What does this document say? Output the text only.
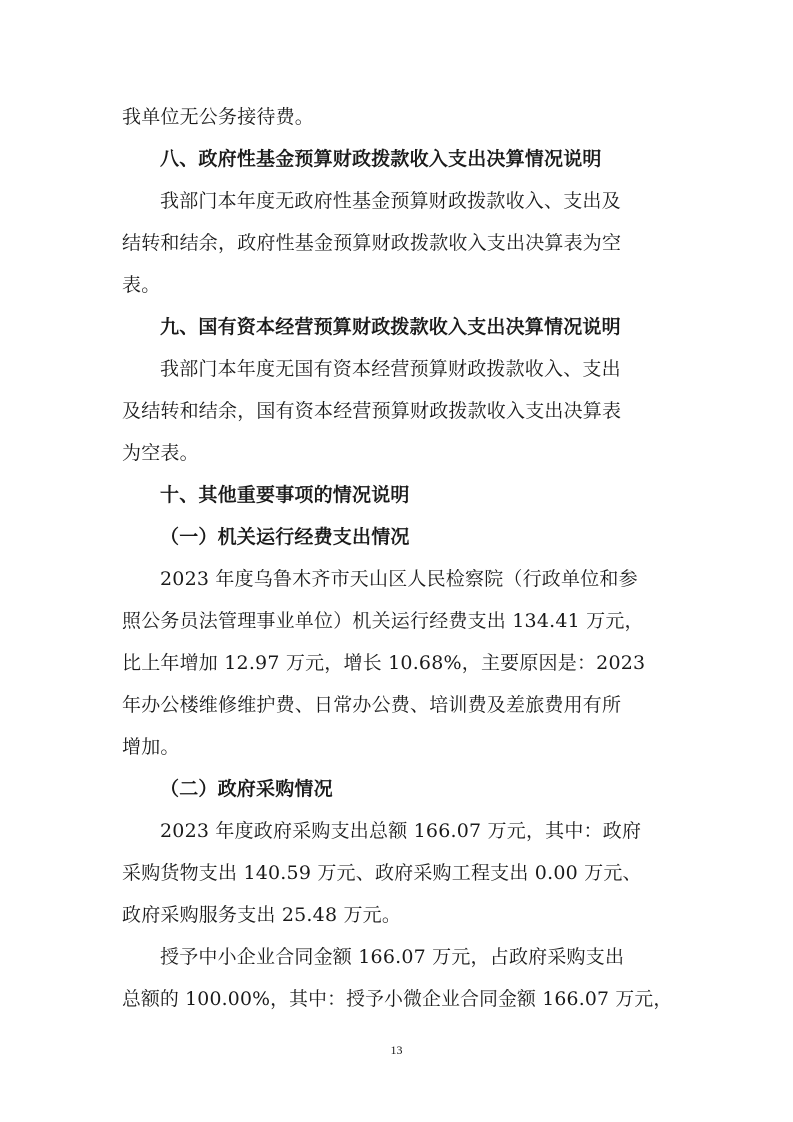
我单位无公务接待费。
八、政府性基金预算财政拨款收入支出决算情况说明
我部门本年度无政府性基金预算财政拨款收入、支出及
结转和结余，政府性基金预算财政拨款收入支出决算表为空
表。
九、国有资本经营预算财政拨款收入支出决算情况说明
我部门本年度无国有资本经营预算财政拨款收入、支出
及结转和结余，国有资本经营预算财政拨款收入支出决算表
为空表。
十、其他重要事项的情况说明
（一）机关运行经费支出情况
2023 年度乌鲁木齐市天山区人民检察院（行政单位和参
照公务员法管理事业单位）机关运行经费支出 134.41 万元，
比上年增加 12.97 万元，增长 10.68%，主要原因是：2023
年办公楼维修维护费、日常办公费、培训费及差旅费用有所
增加。
（二）政府采购情况
2023 年度政府采购支出总额 166.07 万元，其中：政府
采购货物支出 140.59 万元、政府采购工程支出 0.00 万元、
政府采购服务支出 25.48 万元。
授予中小企业合同金额 166.07 万元，占政府采购支出
总额的 100.00%，其中：授予小微企业合同金额 166.07 万元，
13
